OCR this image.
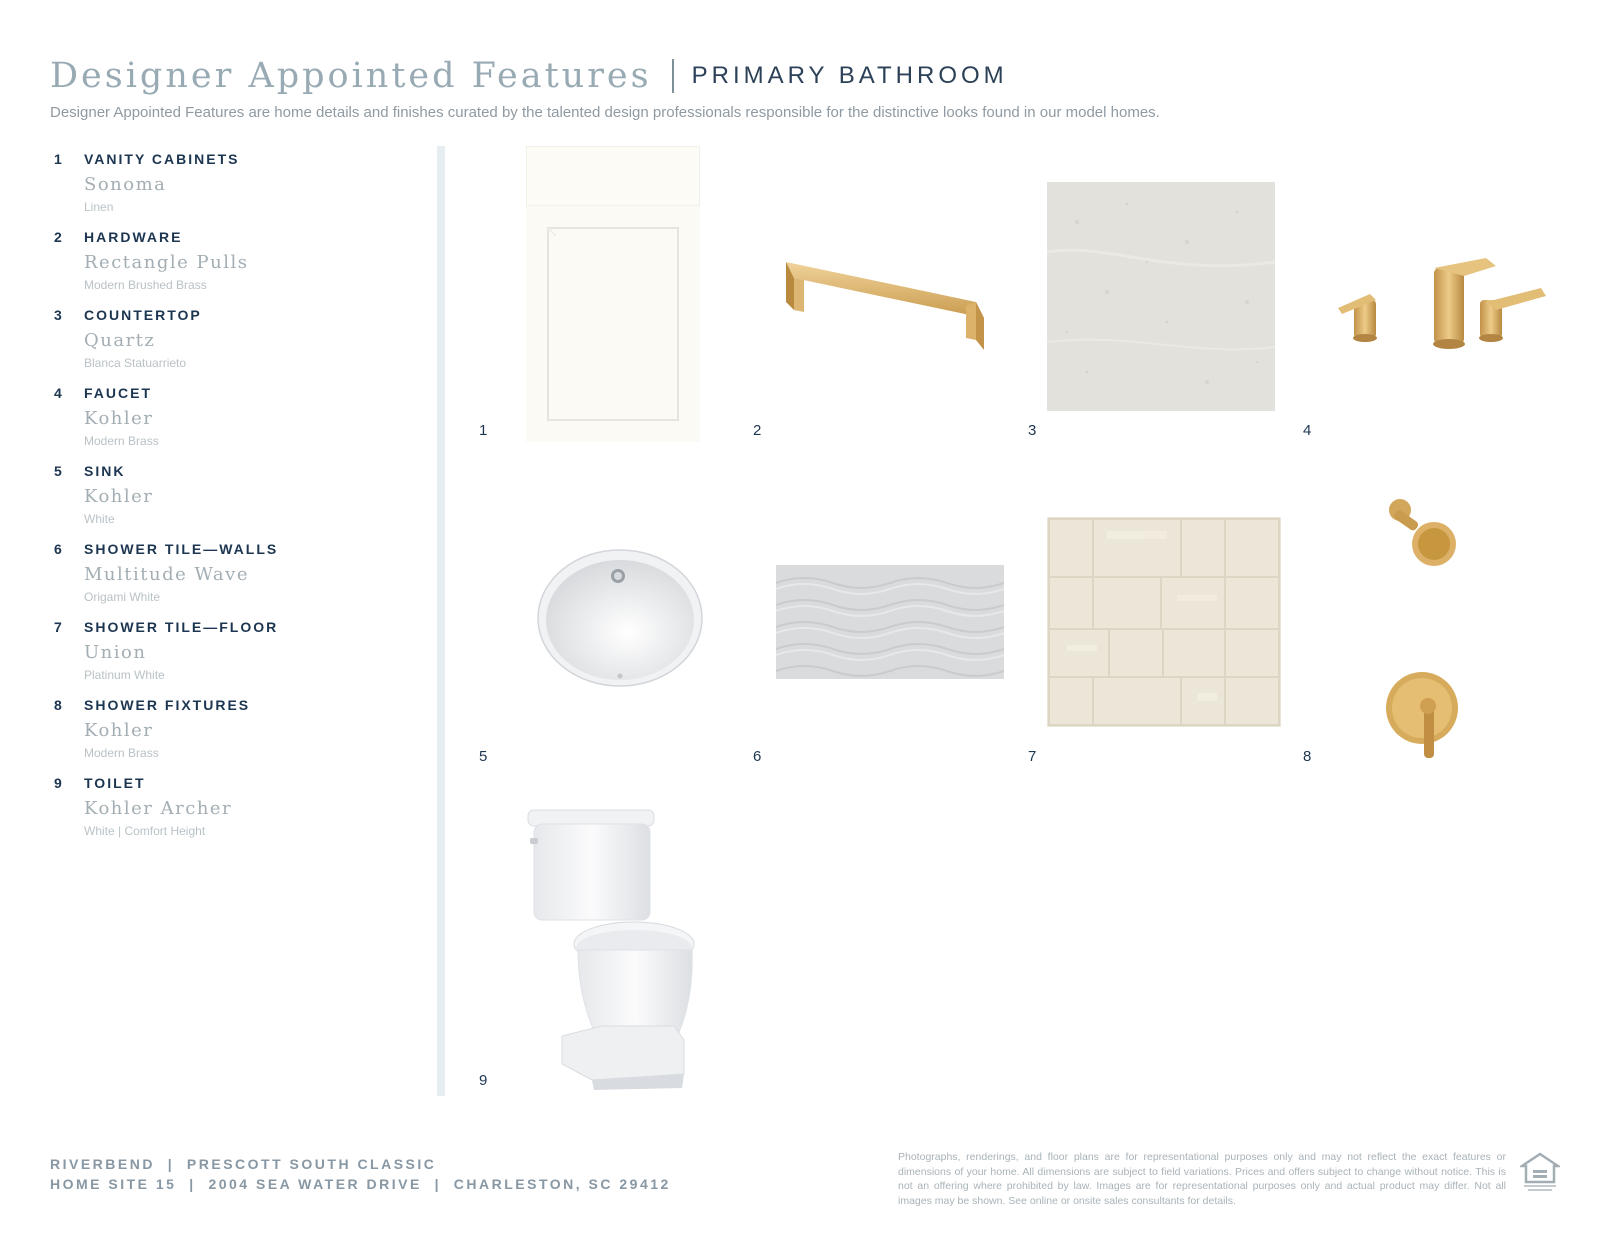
Designer Appointed Features PRIMARY BATHROOM
Designer Appointed Features are home details and finishes curated by the talented design professionals responsible for the distinctive looks found in our model homes.
1 VANITY CABINETS
Sonoma
Linen
2 HARDWARE
Rectangle Pulls
Modern Brushed Brass
3 COUNTERTOP
Quartz
Blanca Statuarrieto
4 FAUCET
Kohler
Modern Brass
5 SINK
Kohler
White
6 SHOWER TILE—WALLS
Multitude Wave
Origami White
7 SHOWER TILE—FLOOR
Union
Platinum White
8 SHOWER FIXTURES
Kohler
Modern Brass
9 TOILET
Kohler Archer
White | Comfort Height
1	2	3	4
5	6	7	8
9
RIVERBEND  |  PRESCOTT SOUTH CLASSIC
HOME SITE 15  |  2004 SEA WATER DRIVE  |  CHARLESTON, SC 29412
Photographs, renderings, and floor plans are for representational purposes only and may not reflect the exact features or dimensions of your home. All dimensions are subject to field variations. Prices and offers subject to change without notice. This is not an offering where prohibited by law. Images are for representational purposes only and actual product may differ. Not all images may be shown. See online or onsite sales consultants for details.
